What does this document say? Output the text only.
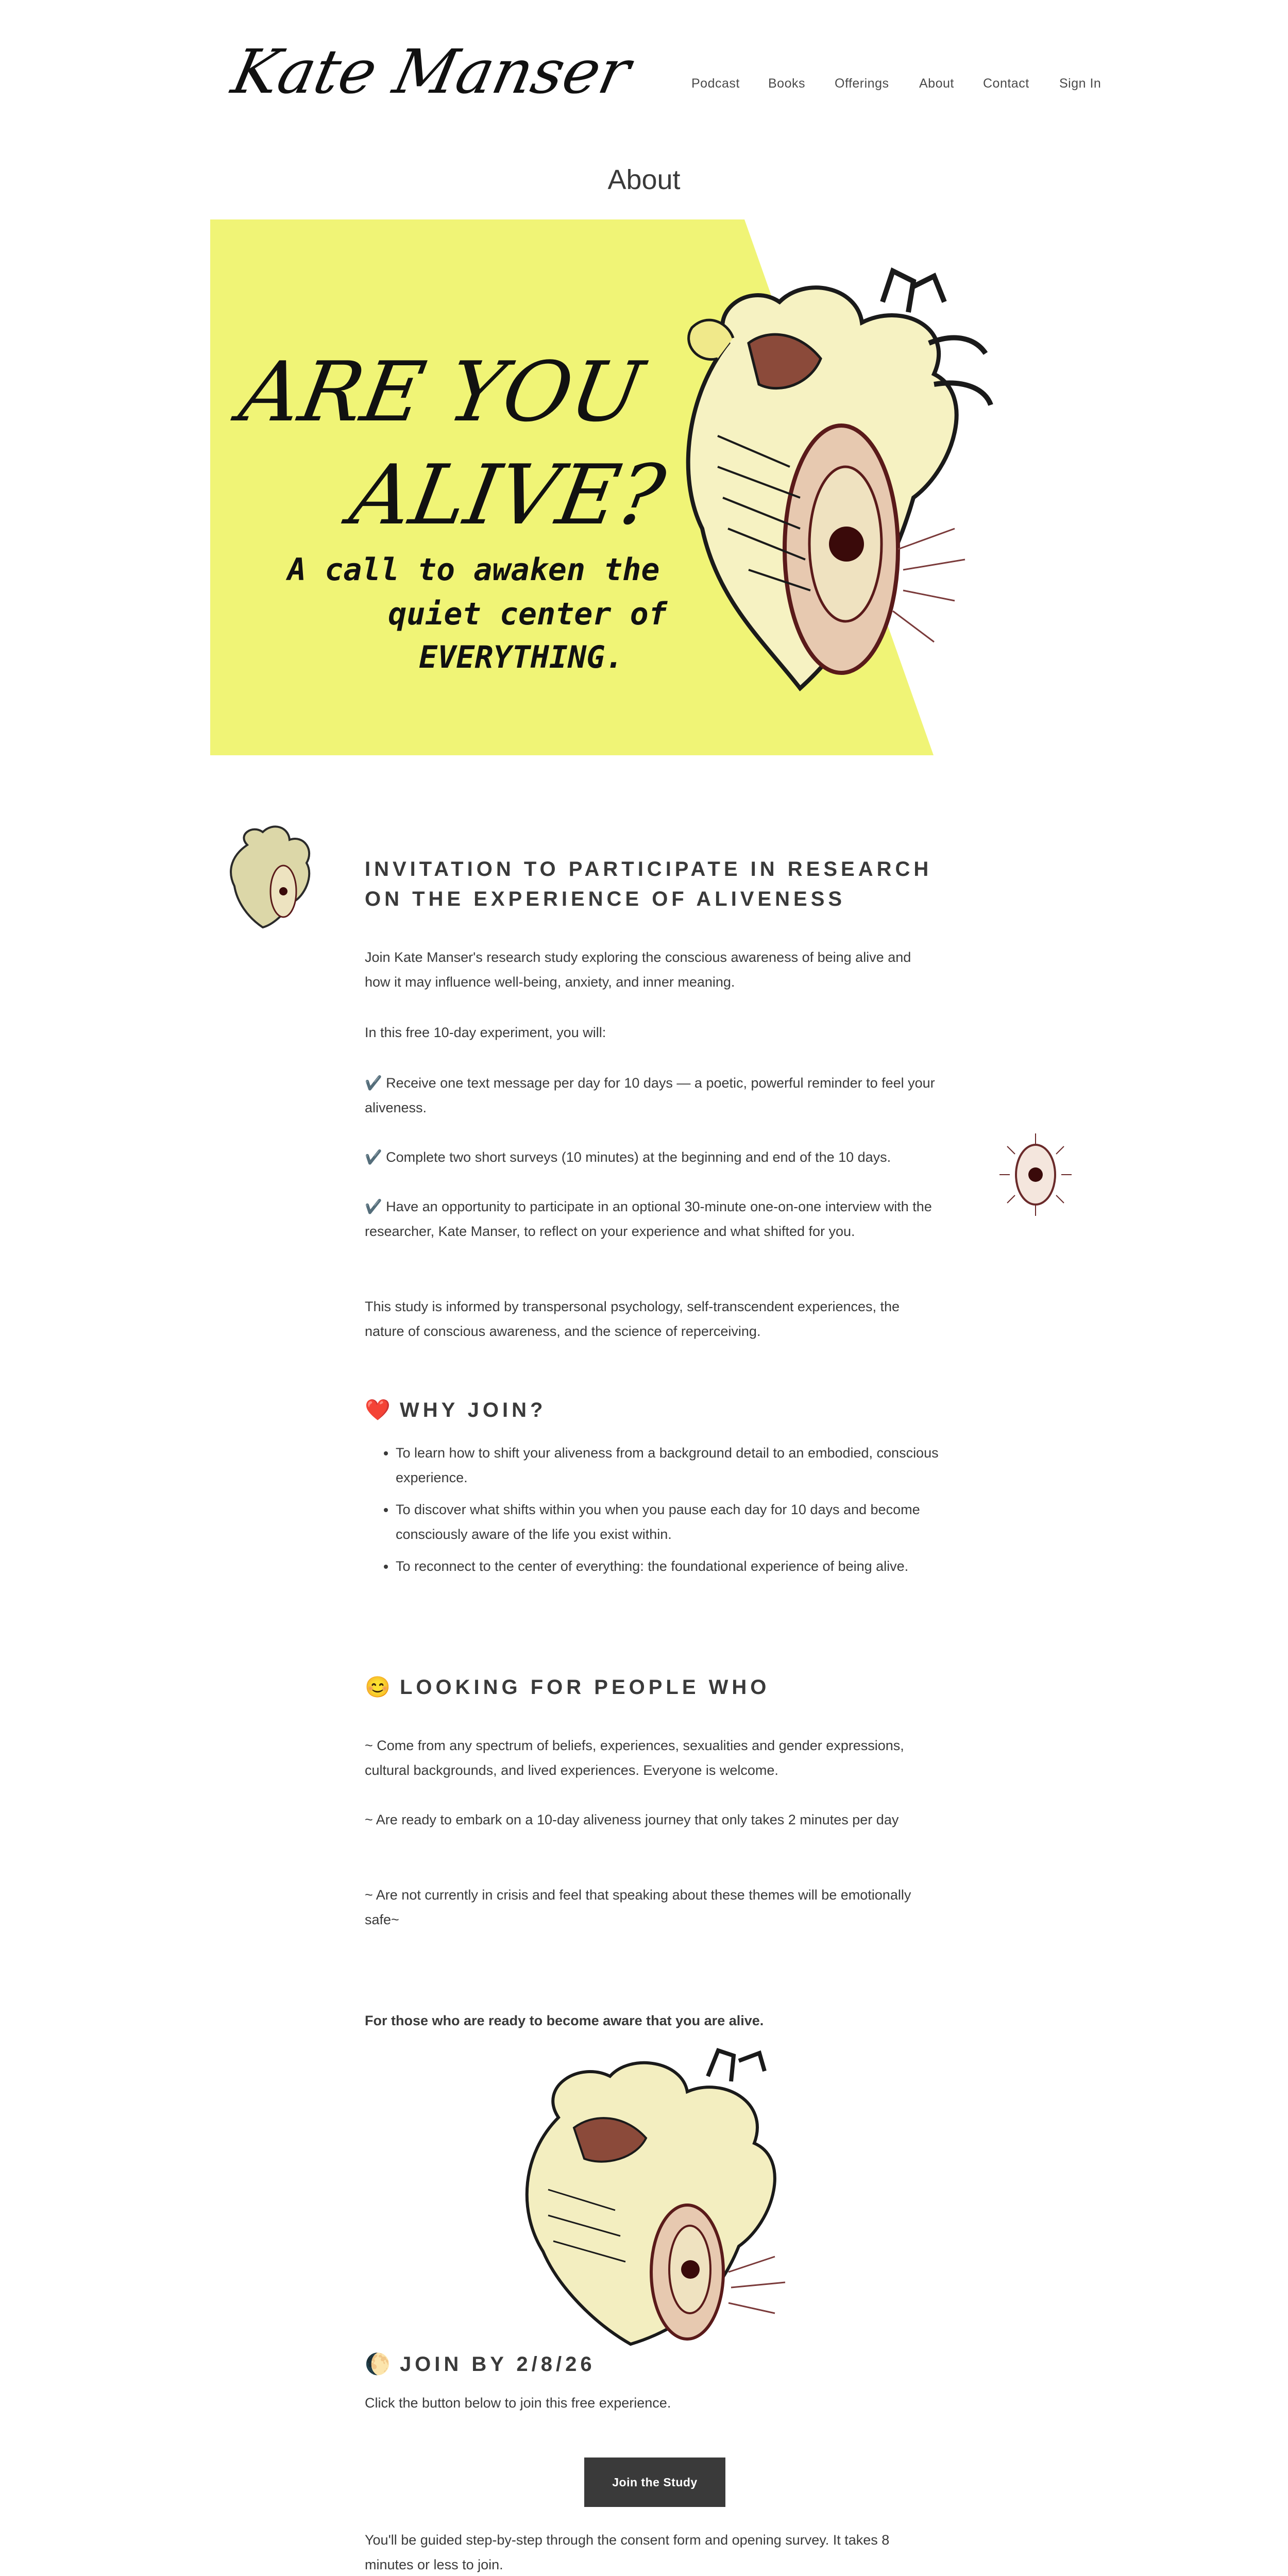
Kate Manser	Podcast Books Offerings About Contact Sign In
About
ARE YOU
ALIVE?
A call to awaken the
quiet center of
EVERYTHING.
INVITATION TO PARTICIPATE IN RESEARCH ON THE EXPERIENCE OF ALIVENESS
Join Kate Manser's research study exploring the conscious awareness of being alive and how it may influence well-being, anxiety, and inner meaning.
In this free 10-day experiment, you will:
✔️ Receive one text message per day for 10 days — a poetic, powerful reminder to feel your aliveness.
✔️ Complete two short surveys (10 minutes) at the beginning and end of the 10 days.
✔️ Have an opportunity to participate in an optional 30-minute one-on-one interview with the researcher, Kate Manser, to reflect on your experience and what shifted for you.
This study is informed by transpersonal psychology, self-transcendent experiences, the nature of conscious awareness, and the science of reperceiving.
❤️ WHY JOIN?
• To learn how to shift your aliveness from a background detail to an embodied, conscious experience.
• To discover what shifts within you when you pause each day for 10 days and become consciously aware of the life you exist within.
• To reconnect to the center of everything: the foundational experience of being alive.
😊 LOOKING FOR PEOPLE WHO
~ Come from any spectrum of beliefs, experiences, sexualities and gender expressions, cultural backgrounds, and lived experiences. Everyone is welcome.
~ Are ready to embark on a 10-day aliveness journey that only takes 2 minutes per day
~ Are not currently in crisis and feel that speaking about these themes will be emotionally safe~
For those who are ready to become aware that you are alive.
🌔 JOIN BY 2/8/26
Click the button below to join this free experience.
Join the Study
You'll be guided step-by-step through the consent form and opening survey. It takes 8 minutes or less to join.
